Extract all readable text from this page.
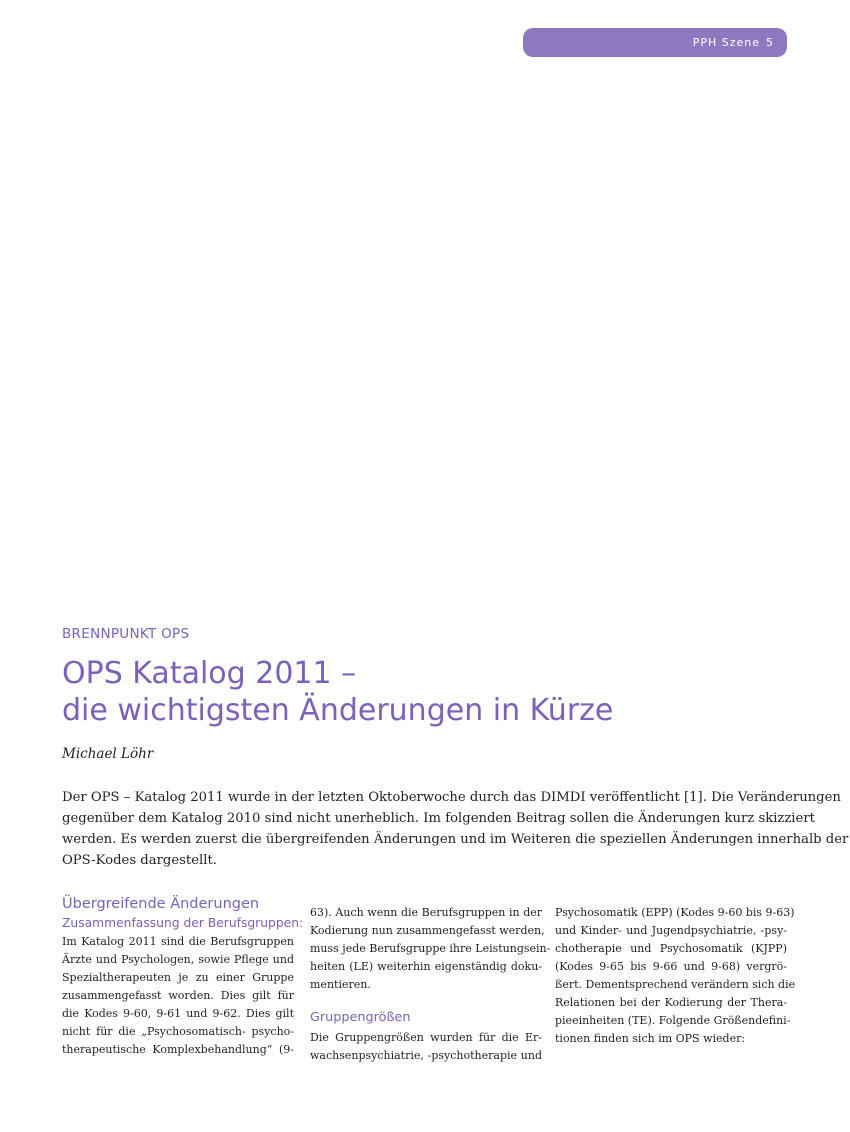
PPH Szene 5
BRENNPUNKT OPS
OPS Katalog 2011 –
die wichtigsten Änderungen in Kürze
Michael Löhr

Der OPS – Katalog 2011 wurde in der letzten Oktoberwoche durch das DIMDI veröffentlicht [1]. Die Veränderungen
gegenüber dem Katalog 2010 sind nicht unerheblich. Im folgenden Beitrag sollen die Änderungen kurz skizziert
werden. Es werden zuerst die übergreifenden Änderungen und im Weiteren die speziellen Änderungen innerhalb der
OPS-Kodes dargestellt.

Übergreifende Änderungen
Zusammenfassung der Berufsgruppen:
Im Katalog 2011 sind die Berufsgruppen
Ärzte und Psychologen, sowie Pflege und
Spezialtherapeuten je zu einer Gruppe
zusammengefasst worden. Dies gilt für
die Kodes 9-60, 9-61 und 9-62. Dies gilt
nicht für die „Psychosomatisch- psycho-
therapeutische Komplexbehandlung“ (9-
63). Auch wenn die Berufsgruppen in der
Kodierung nun zusammengefasst werden,
muss jede Berufsgruppe ihre Leistungsein-
heiten (LE) weiterhin eigenständig doku-
mentieren.
Gruppengrößen
Die Gruppengrößen wurden für die Er-
wachsenpsychiatrie, -psychotherapie und
Psychosomatik (EPP) (Kodes 9-60 bis 9-63)
und Kinder- und Jugendpsychiatrie, -psy-
chotherapie und Psychosomatik (KJPP)
(Kodes 9-65 bis 9-66 und 9-68) vergrö-
ßert. Dementsprechend verändern sich die
Relationen bei der Kodierung der Thera-
pieeinheiten (TE). Folgende Größendefini-
tionen finden sich im OPS wieder:
